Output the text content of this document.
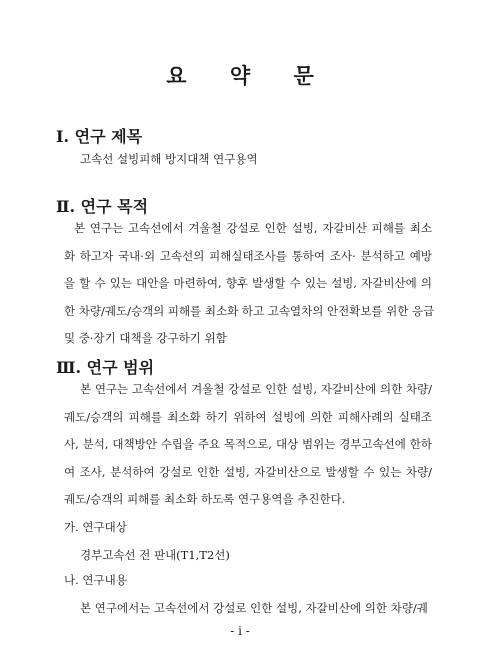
요 약 문
Ⅰ. 연구 제목
고속선 설빙피해 방지대책 연구용역
Ⅱ. 연구 목적
본 연구는 고속선에서 겨울철 강설로 인한 설빙, 자갈비산 피해를 최소
화 하고자 국내·외 고속선의 피해실태조사를 통하여 조사· 분석하고 예방
을 할 수 있는 대안을 마련하여, 향후 발생할 수 있는 설빙, 자갈비산에 의
한 차량/궤도/승객의 피해를 최소화 하고 고속열차의 안전확보를 위한 응급
및 중·장기 대책을 강구하기 위함
Ⅲ. 연구 범위
본 연구는 고속선에서 겨울철 강설로 인한 설빙, 자갈비산에 의한 차량/
궤도/승객의 피해를 최소화 하기 위하여 설빙에 의한 피해사례의 실태조
사, 분석, 대책방안 수립을 주요 목적으로, 대상 범위는 경부고속선에 한하
여 조사, 분석하여 강설로 인한 설빙, 자갈비산으로 발생할 수 있는 차량/
궤도/승객의 피해를 최소화 하도록 연구용역을 추진한다.
가. 연구대상
경부고속선 전 판내(T1,T2선)
나. 연구내용
본 연구에서는 고속선에서 강설로 인한 설빙, 자갈비산에 의한 차량/궤
- i -
